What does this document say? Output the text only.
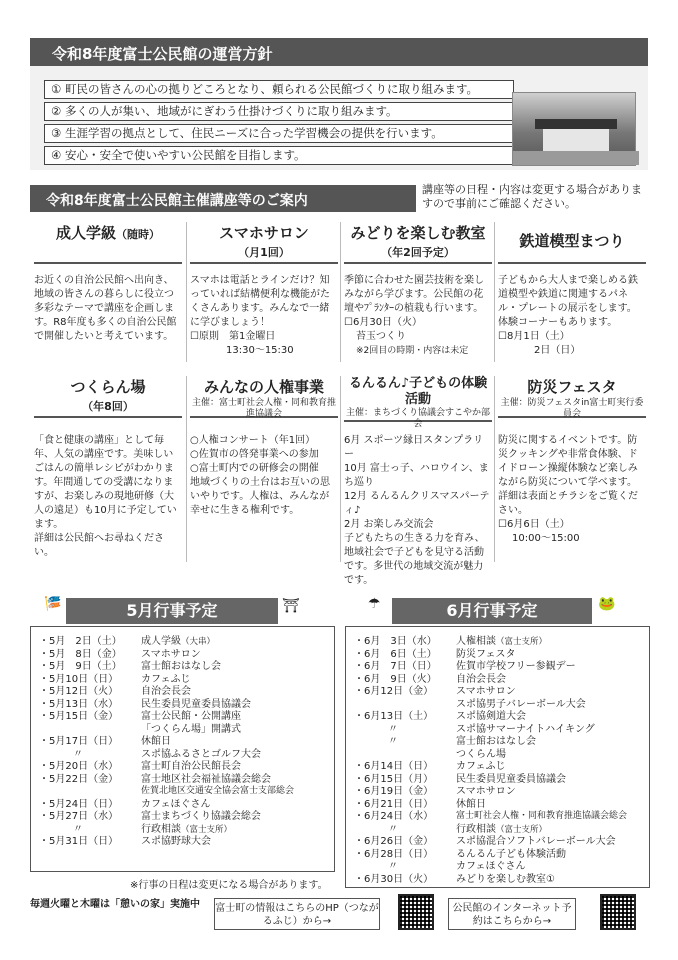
令和8年度富士公民館の運営方針
① 町民の皆さんの心の拠りどころとなり、頼られる公民館づくりに取り組みます。
② 多くの人が集い、地域がにぎわう仕掛けづくりに取り組みます。
③ 生涯学習の拠点として、住民ニーズに合った学習機会の提供を行います。
④ 安心・安全で使いやすい公民館を目指します。
令和8年度富士公民館主催講座等のご案内
講座等の日程・内容は変更する場合がありますので事前にご確認ください。
成人学級（随時）

お近くの自治公民館へ出向き、地域の皆さんの暮らしに役立つ多彩なテーマで講座を企画します。R8年度も多くの自治公民館で開催したいと考えています。

スマホサロン
（月1回）

スマホは電話とラインだけ？知っていれば結構便利な機能がたくさんあります。みんなで一緒に学びましょう！

☐原則　第1金曜日

13:30～15:30

みどりを楽しむ教室
（年2回予定）

季節に合わせた園芸技術を楽しみながら学びます。公民館の花壇やﾌﾟﾗﾝﾀｰの植栽も行います。

☐6月30日（火）

苔玉つくり

※2回目の時期・内容は未定

鉄道模型まつり

子どもから大人まで楽しめる鉄道模型や鉄道に関連するパネル・プレートの展示をします。体験コーナーもあります。

☐8月1日（土）

2日（日）

つくらん場
（年8回）

「食と健康の講座」として毎年、人気の講座です。美味しいごはんの簡単レシピがわかります。年間通しての受講になりますが、お楽しみの現地研修（大人の遠足）も10月に予定しています。

詳細は公民館へお尋ねください。

みんなの人権事業
主催：富士町社会人権・同和教育推進協議会

○人権コンサート（年1回）

○佐賀市の啓発事業への参加

○富士町内での研修会の開催

地域づくりの土台はお互いの思いやりです。人権は、みんなが幸せに生きる権利です。

るんるん♪子どもの体験活動
主催：まちづくり協議会すこやか部会

6月 スポーツ縁日スタンプラリー

10月 富士っ子、ハロウイン、まち巡り

12月 るんるんクリスマスパーティ♪

2月 お楽しみ交流会

子どもたちの生きる力を育み、地域社会で子どもを見守る活動です。多世代の地域交流が魅力です。

防災フェスタ
主催：防災フェスタin富士町実行委員会

防災に関するイベントです。防災クッキングや非常食体験、ドイドローン操縦体験など楽しみながら防災について学べます。詳細は表面とチラシをご覧ください。

☐6月6日（土）

10:00～15:00

🎏	5月行事予定	⛩
・5月　2日（土）	成人学級（大串）
・5月　8日（金）	スマホサロン
・5月　9日（土）	富士館おはなし会
・5月10日（日）	カフェふじ
・5月12日（火）	自治会長会
・5月13日（水）	民生委員児童委員協議会
・5月15日（金）	富士公民館・公開講座
「つくらん場」開講式
・5月17日（日）	休館日
〃	スポ協ふるさとゴルフ大会
・5月20日（水）	富士町自治公民館長会
・5月22日（金）	富士地区社会福祉協議会総会
佐賀北地区交通安全協会富士支部総会
・5月24日（日）	カフェほぐさん
・5月27日（水）	富士まちづくり協議会総会
〃	行政相談（富士支所）
・5月31日（日）	スポ協野球大会
※行事の日程は変更になる場合があります。
☂	6月行事予定	🐸
・6月　3日（水）	人権相談（富士支所）
・6月　6日（土）	防災フェスタ
・6月　7日（日）	佐賀市学校フリー参観デー
・6月　9日（火）	自治会長会
・6月12日（金）	スマホサロン
スポ協男子バレーボール大会
・6月13日（土）	スポ協剣道大会
〃	スポ協サマーナイトハイキング
〃	富士館おはなし会
つくらん場
・6月14日（日）	カフェふじ
・6月15日（月）	民生委員児童委員協議会
・6月19日（金）	スマホサロン
・6月21日（日）	休館日
・6月24日（水）	富士町社会人権・同和教育推進協議会総会
〃	行政相談（富士支所）
・6月26日（金）	スポ協混合ソフトバレーボール大会
・6月28日（日）	るんるん子ども体験活動
〃	カフェほぐさん
・6月30日（火）	みどりを楽しむ教室①
毎週火曜と木曜は「憩いの家」実施中 富士町の情報はこちらのHP（つながるふじ）から→
公民館のインターネット予約はこちらから→
